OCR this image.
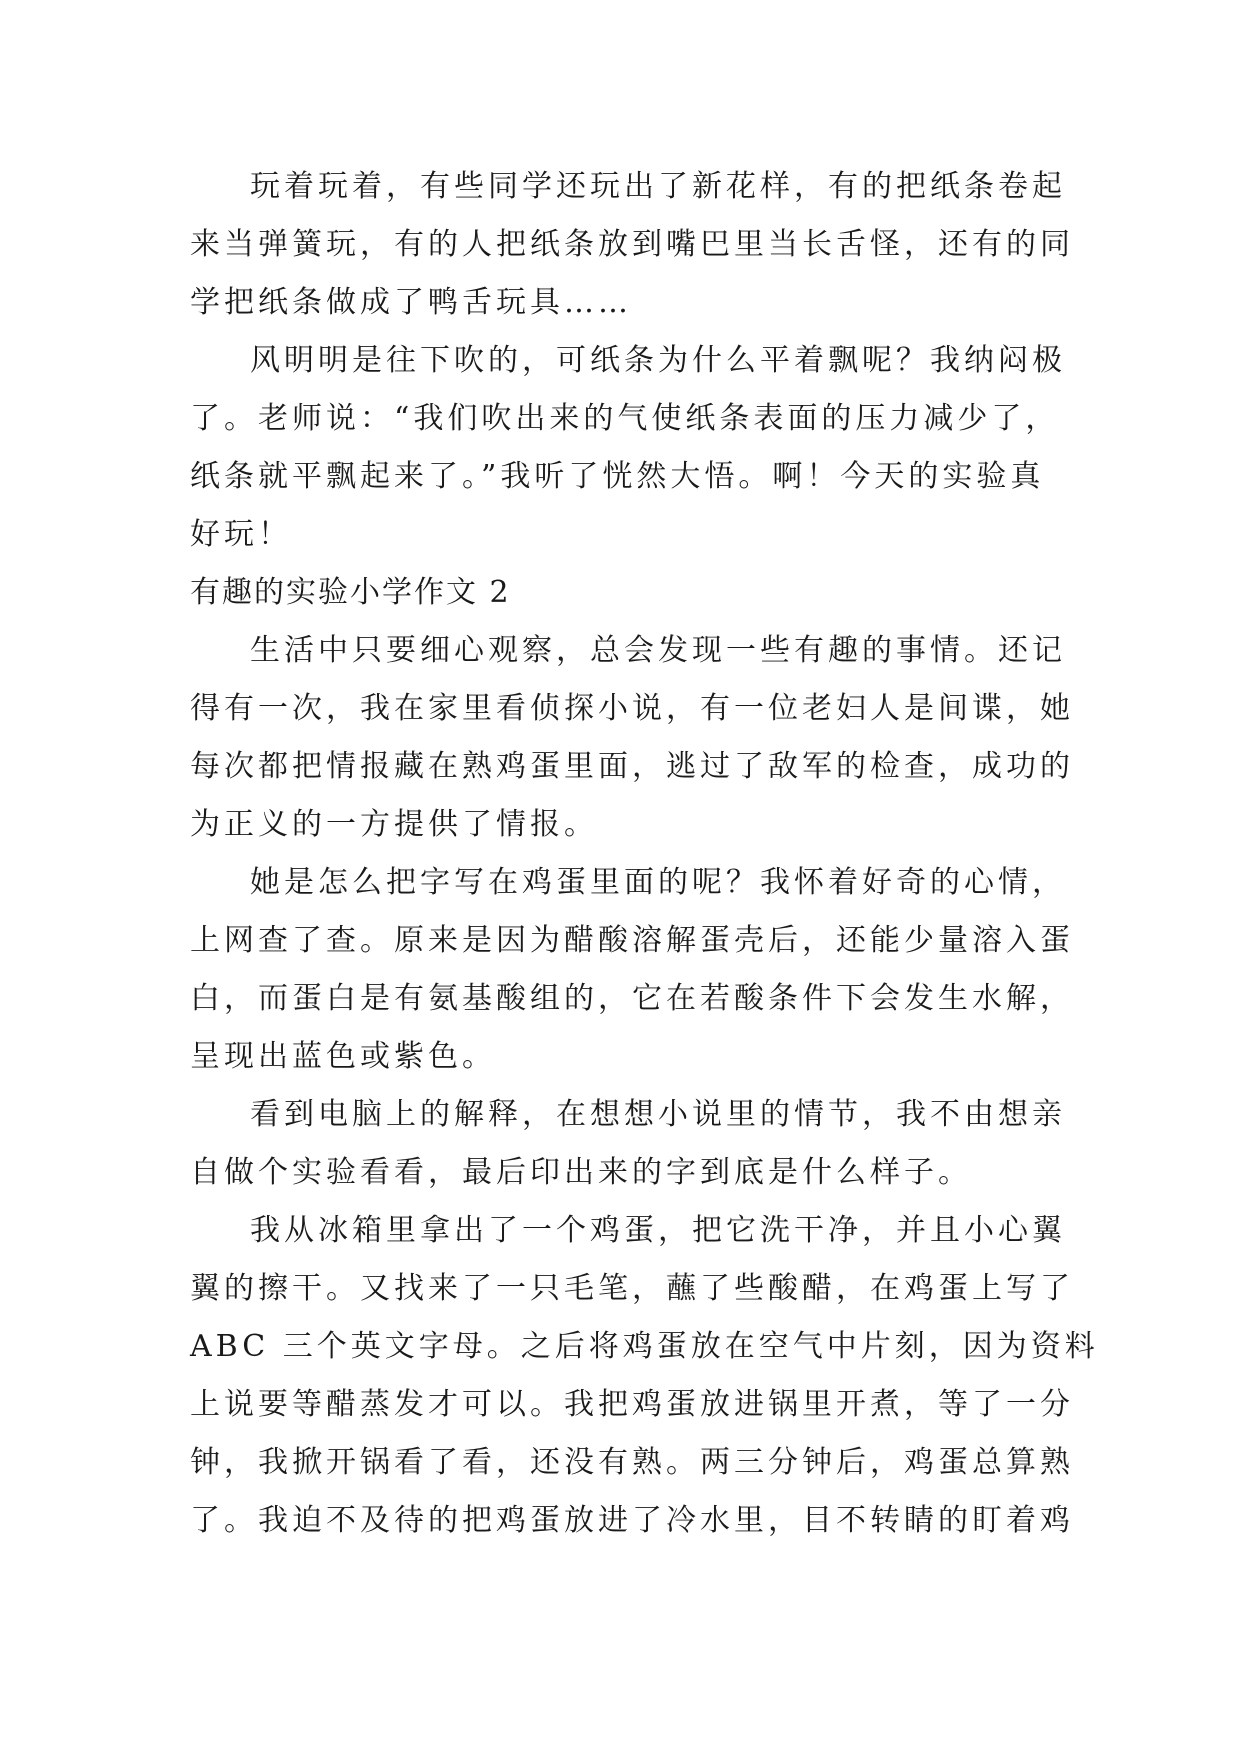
玩着玩着，有些同学还玩出了新花样，有的把纸条卷起
来当弹簧玩，有的人把纸条放到嘴巴里当长舌怪，还有的同
学把纸条做成了鸭舌玩具……

风明明是往下吹的，可纸条为什么平着飘呢？我纳闷极
了。老师说：“我们吹出来的气使纸条表面的压力减少了，
纸条就平飘起来了。”我听了恍然大悟。啊！今天的实验真
好玩！

有趣的实验小学作文 2

生活中只要细心观察，总会发现一些有趣的事情。还记
得有一次，我在家里看侦探小说，有一位老妇人是间谍，她
每次都把情报藏在熟鸡蛋里面，逃过了敌军的检查，成功的
为正义的一方提供了情报。

她是怎么把字写在鸡蛋里面的呢？我怀着好奇的心情，
上网查了查。原来是因为醋酸溶解蛋壳后，还能少量溶入蛋
白，而蛋白是有氨基酸组的，它在若酸条件下会发生水解，
呈现出蓝色或紫色。

看到电脑上的解释，在想想小说里的情节，我不由想亲
自做个实验看看，最后印出来的字到底是什么样子。

我从冰箱里拿出了一个鸡蛋，把它洗干净，并且小心翼
翼的擦干。又找来了一只毛笔，蘸了些酸醋，在鸡蛋上写了
ABC 三个英文字母。之后将鸡蛋放在空气中片刻，因为资料
上说要等醋蒸发才可以。我把鸡蛋放进锅里开煮，等了一分
钟，我掀开锅看了看，还没有熟。两三分钟后，鸡蛋总算熟
了。我迫不及待的把鸡蛋放进了冷水里，目不转睛的盯着鸡
